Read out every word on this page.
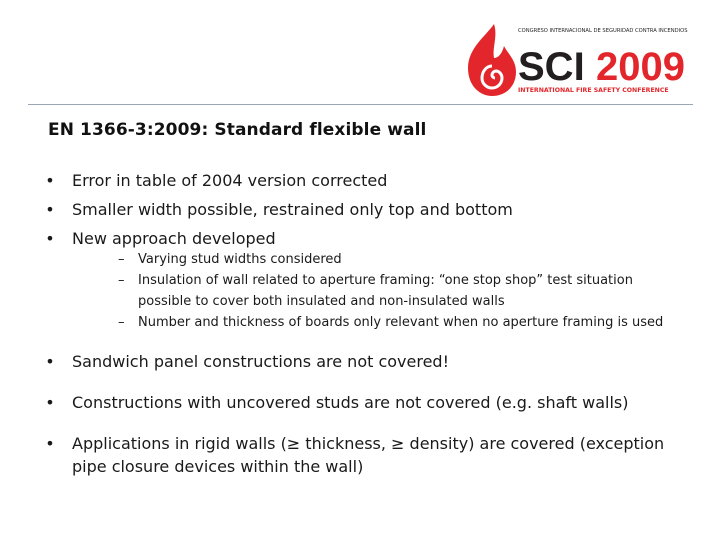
CONGRESO INTERNACIONAL DE SEGURIDAD CONTRA INCENDIOS
SCI 2009
INTERNATIONAL FIRE SAFETY CONFERENCE
EN 1366-3:2009: Standard flexible wall
•	Error in table of 2004 version corrected
•	Smaller width possible, restrained only top and bottom
•	New approach developed
–	Varying stud widths considered
–	Insulation of wall related to aperture framing: “one stop shop” test situation possible to cover both insulated and non-insulated walls
–	Number and thickness of boards only relevant when no aperture framing is used
•	Sandwich panel constructions are not covered!
•	Constructions with uncovered studs are not covered (e.g. shaft walls)
•	Applications in rigid walls (≥ thickness, ≥ density) are covered (exception pipe closure devices within the wall)
